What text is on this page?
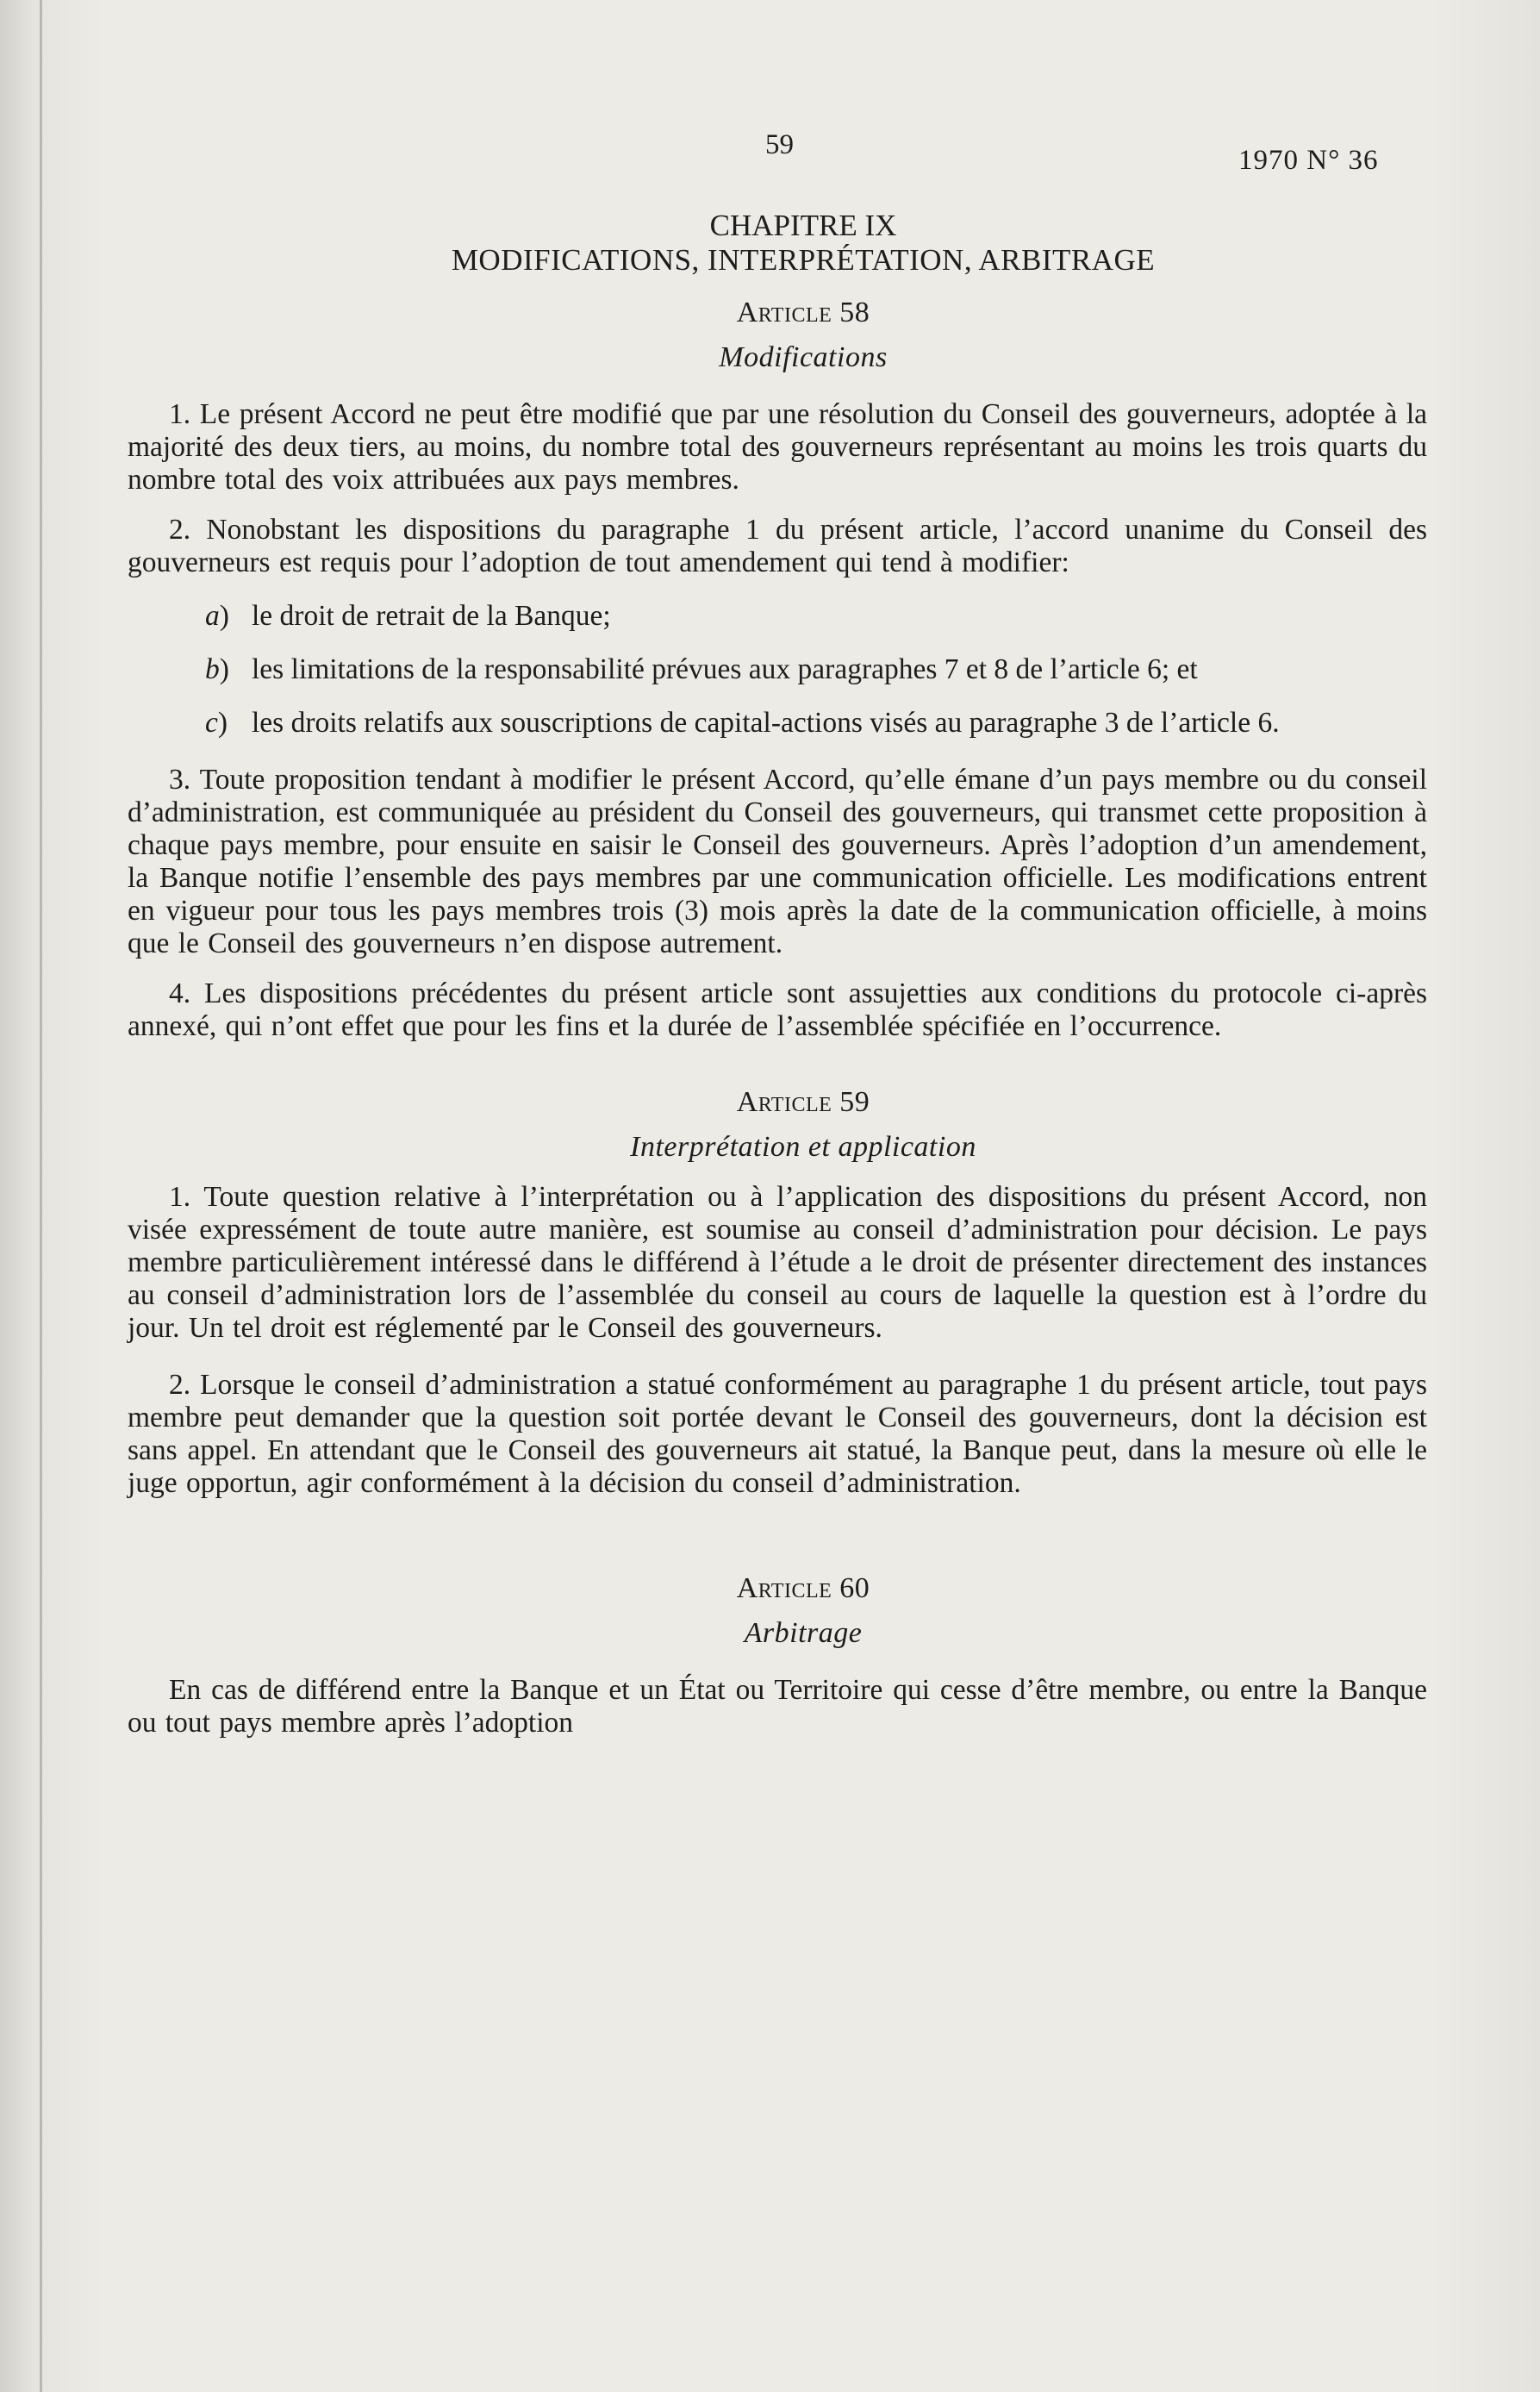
59	1970 N° 36
CHAPITRE IX
MODIFICATIONS, INTERPRÉTATION, ARBITRAGE
Article 58
Modifications

1. Le présent Accord ne peut être modifié que par une résolution du Conseil des gouverneurs, adoptée à la majorité des deux tiers, au moins, du nombre total des gouverneurs représentant au moins les trois quarts du nombre total des voix attribuées aux pays membres.

2. Nonobstant les dispositions du paragraphe 1 du présent article, l’accord unanime du Conseil des gouverneurs est requis pour l’adoption de tout amendement qui tend à modifier:

a) le droit de retrait de la Banque;
b) les limitations de la responsabilité prévues aux paragraphes 7 et 8 de l’article 6; et
c) les droits relatifs aux souscriptions de capital-actions visés au paragraphe 3 de l’article 6.

3. Toute proposition tendant à modifier le présent Accord, qu’elle émane d’un pays membre ou du conseil d’administration, est communiquée au président du Conseil des gouverneurs, qui transmet cette proposition à chaque pays membre, pour ensuite en saisir le Conseil des gouverneurs. Après l’adoption d’un amendement, la Banque notifie l’ensemble des pays membres par une communication officielle. Les modifications entrent en vigueur pour tous les pays membres trois (3) mois après la date de la communication officielle, à moins que le Conseil des gouverneurs n’en dispose autrement.

4. Les dispositions précédentes du présent article sont assujetties aux conditions du protocole ci-après annexé, qui n’ont effet que pour les fins et la durée de l’assemblée spécifiée en l’occurrence.

Article 59
Interprétation et application

1. Toute question relative à l’interprétation ou à l’application des dispositions du présent Accord, non visée expressément de toute autre manière, est soumise au conseil d’administration pour décision. Le pays membre particulièrement intéressé dans le différend à l’étude a le droit de présenter directement des instances au conseil d’administration lors de l’assemblée du conseil au cours de laquelle la question est à l’ordre du jour. Un tel droit est réglementé par le Conseil des gouverneurs.

2. Lorsque le conseil d’administration a statué conformément au paragraphe 1 du présent article, tout pays membre peut demander que la question soit portée devant le Conseil des gouverneurs, dont la décision est sans appel. En attendant que le Conseil des gouverneurs ait statué, la Banque peut, dans la mesure où elle le juge opportun, agir conformément à la décision du conseil d’administration.

Article 60
Arbitrage

En cas de différend entre la Banque et un État ou Territoire qui cesse d’être membre, ou entre la Banque ou tout pays membre après l’adoption
